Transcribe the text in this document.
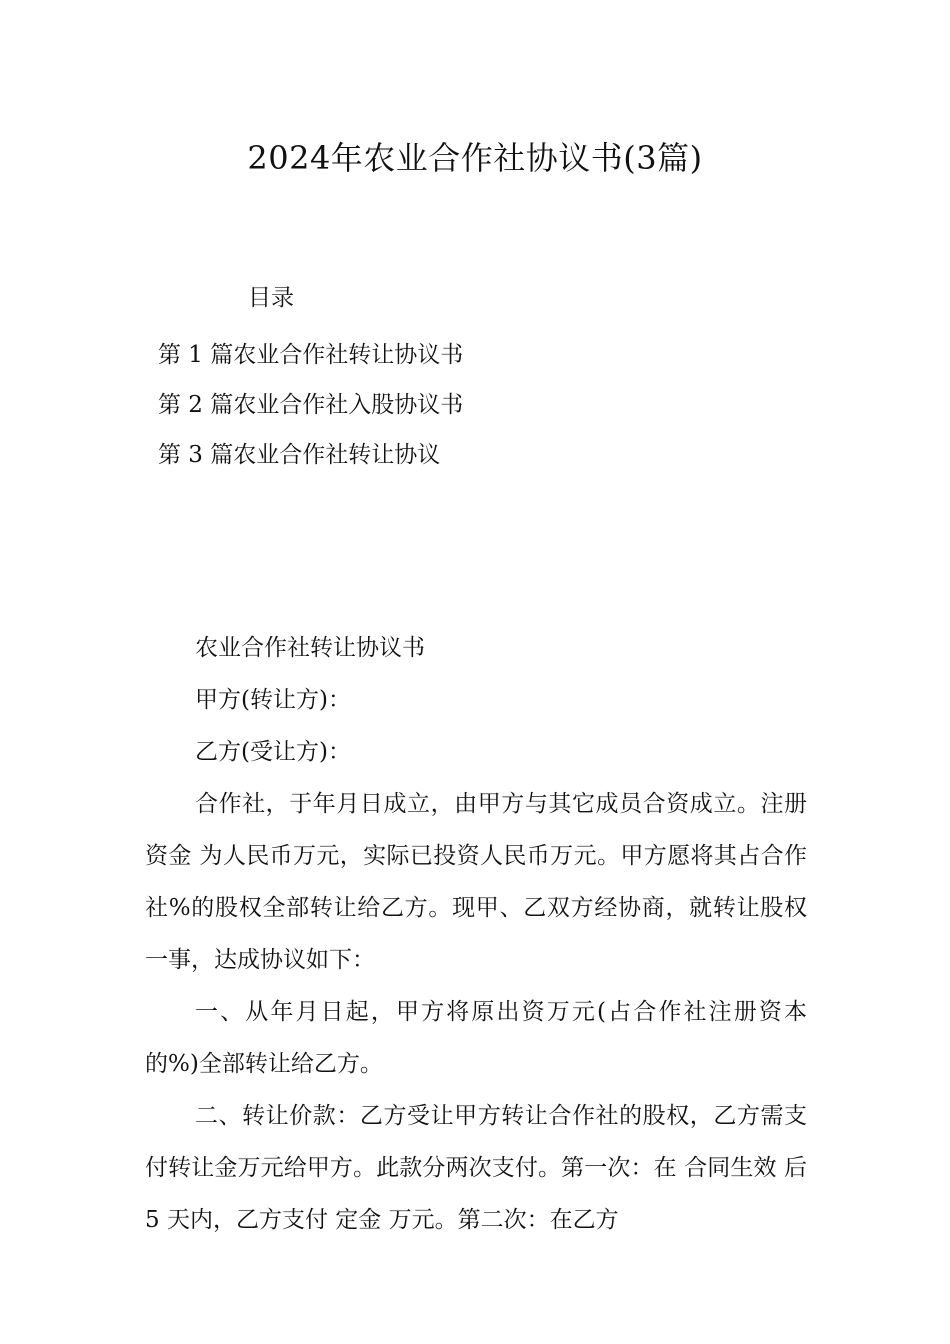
2024年农业合作社协议书(3篇)
目录
第 1 篇农业合作社转让协议书
第 2 篇农业合作社入股协议书
第 3 篇农业合作社转让协议
农业合作社转让协议书
甲方(转让方)：
乙方(受让方)：

合作社，于年月日成立，由甲方与其它成员合资成立。注册资金 为人民币万元，实际已投资人民币万元。甲方愿将其占合作社%的股权全部转让给乙方。现甲、乙双方经协商，就转让股权一事，达成协议如下：

一、从年月日起，甲方将原出资万元(占合作社注册资本的%)全部转让给乙方。

二、转让价款：乙方受让甲方转让合作社的股权，乙方需支付转让金万元给甲方。此款分两次支付。第一次：在 合同生效 后 5 天内，乙方支付 定金 万元。第二次：在乙方
